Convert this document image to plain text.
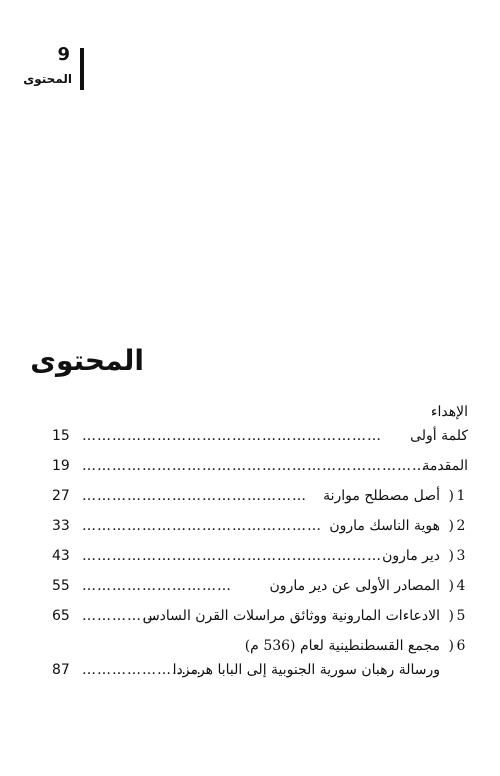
9
المحتوى
المحتوى
الإهداء
كلمة أولى
……………………………………………………
15
المقدمة
……………………………………………………………
19
1
)
أصل مصطلح موارنة
………………………………………
27
2
)
هوية الناسك مارون
…………………………………………
33
3
)
دير مارون
……………………………………………………
43
4
)
المصادر الأولى عن دير مارون
…………………………
55
5
)
الادعاءات المارونية ووثائق مراسلات القرن السادس
……………
65
6
)
مجمع القسطنطينية لعام (536 م)
ورسالة رهبان سورية الجنوبية إلى البابا هرمزدا
……………………
87
